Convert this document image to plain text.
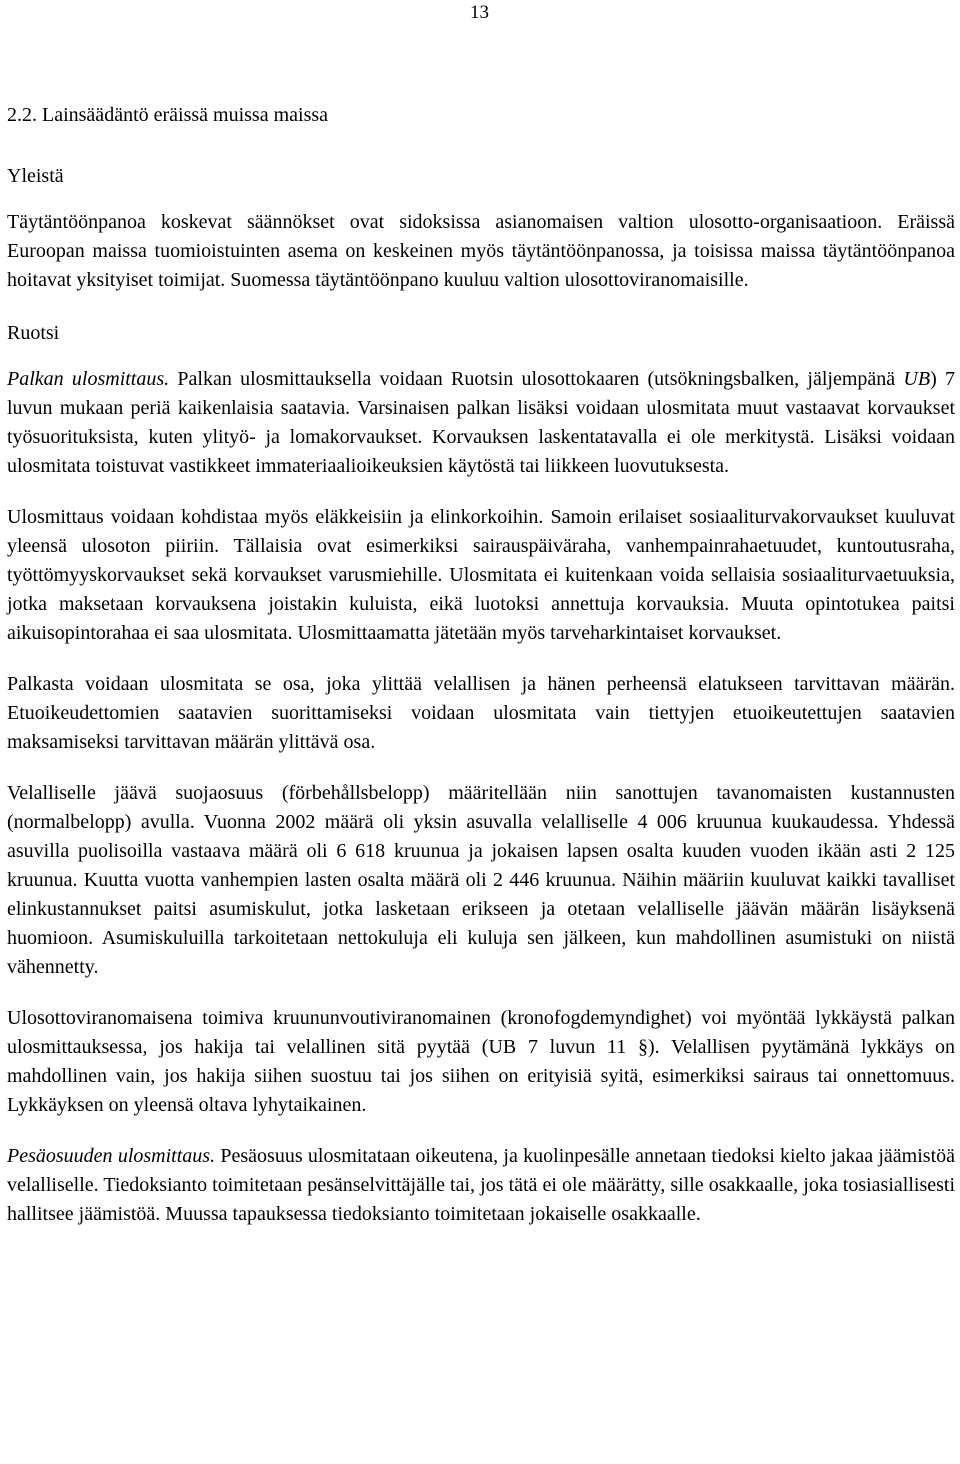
13
2.2. Lainsäädäntö eräissä muissa maissa
Yleistä

Täytäntöönpanoa koskevat säännökset ovat sidoksissa asianomaisen valtion ulosotto-organisaatioon. Eräissä Euroopan maissa tuomioistuinten asema on keskeinen myös täytäntöönpanossa, ja toisissa maissa täytäntöönpanoa hoitavat yksityiset toimijat. Suomessa täytäntöönpano kuuluu valtion ulosottoviranomaisille.

Ruotsi

Palkan ulosmittaus. Palkan ulosmittauksella voidaan Ruotsin ulosottokaaren (utsökningsbalken, jäljempänä UB) 7 luvun mukaan periä kaikenlaisia saatavia. Varsinaisen palkan lisäksi voidaan ulosmitata muut vastaavat korvaukset työsuorituksista, kuten ylityö- ja lomakorvaukset. Korvauksen laskentatavalla ei ole merkitystä. Lisäksi voidaan ulosmitata toistuvat vastikkeet immateriaalioikeuksien käytöstä tai liikkeen luovutuksesta.

Ulosmittaus voidaan kohdistaa myös eläkkeisiin ja elinkorkoihin. Samoin erilaiset sosiaaliturvakorvaukset kuuluvat yleensä ulosoton piiriin. Tällaisia ovat esimerkiksi sairauspäiväraha, vanhempainrahaetuudet, kuntoutusraha, työttömyyskorvaukset sekä korvaukset varusmiehille. Ulosmitata ei kuitenkaan voida sellaisia sosiaaliturvaetuuksia, jotka maksetaan korvauksena joistakin kuluista, eikä luotoksi annettuja korvauksia. Muuta opintotukea paitsi aikuisopintorahaa ei saa ulosmitata. Ulosmittaamatta jätetään myös tarveharkintaiset korvaukset.

Palkasta voidaan ulosmitata se osa, joka ylittää velallisen ja hänen perheensä elatukseen tarvittavan määrän. Etuoikeudettomien saatavien suorittamiseksi voidaan ulosmitata vain tiettyjen etuoikeutettujen saatavien maksamiseksi tarvittavan määrän ylittävä osa.

Velalliselle jäävä suojaosuus (förbehållsbelopp) määritellään niin sanottujen tavanomaisten kustannusten (normalbelopp) avulla. Vuonna 2002 määrä oli yksin asuvalla velalliselle 4 006 kruunua kuukaudessa. Yhdessä asuvilla puolisoilla vastaava määrä oli 6 618 kruunua ja jokaisen lapsen osalta kuuden vuoden ikään asti 2 125 kruunua. Kuutta vuotta vanhempien lasten osalta määrä oli 2 446 kruunua. Näihin määriin kuuluvat kaikki tavalliset elinkustannukset paitsi asumiskulut, jotka lasketaan erikseen ja otetaan velalliselle jäävän määrän lisäyksenä huomioon. Asumiskuluilla tarkoitetaan nettokuluja eli kuluja sen jälkeen, kun mahdollinen asumistuki on niistä vähennetty.

Ulosottoviranomaisena toimiva kruununvoutiviranomainen (kronofogdemyndighet) voi myöntää lykkäystä palkan ulosmittauksessa, jos hakija tai velallinen sitä pyytää (UB 7 luvun 11 §). Velallisen pyytämänä lykkäys on mahdollinen vain, jos hakija siihen suostuu tai jos siihen on erityisiä syitä, esimerkiksi sairaus tai onnettomuus. Lykkäyksen on yleensä oltava lyhytaikainen.

Pesäosuuden ulosmittaus. Pesäosuus ulosmitataan oikeutena, ja kuolinpesälle annetaan tiedoksi kielto jakaa jäämistöä velalliselle. Tiedoksianto toimitetaan pesänselvittäjälle tai, jos tätä ei ole määrätty, sille osakkaalle, joka tosiasiallisesti hallitsee jäämistöä. Muussa tapauksessa tiedoksianto toimitetaan jokaiselle osakkaalle.
